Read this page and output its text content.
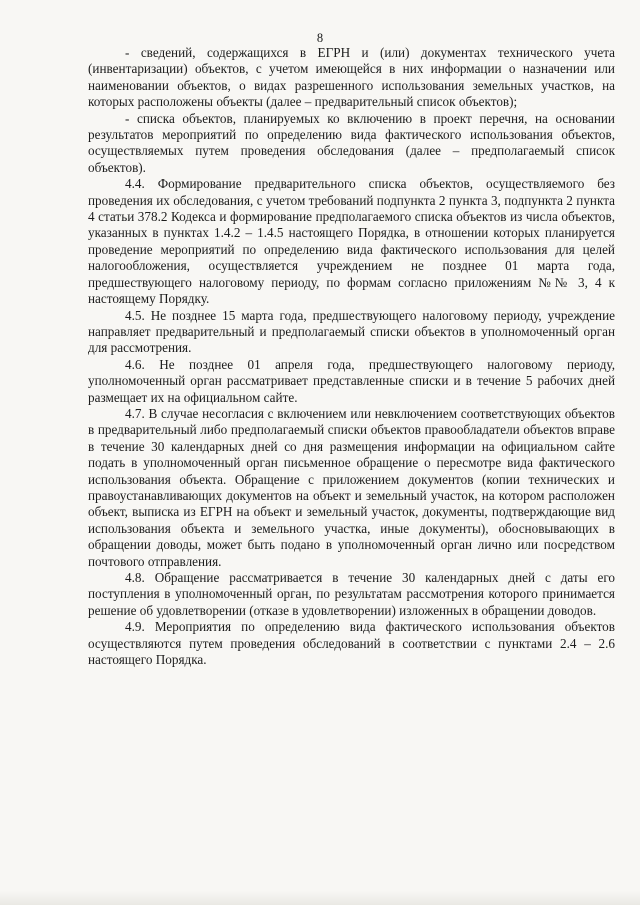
8

- сведений, содержащихся в ЕГРН и (или) документах технического учета (инвентаризации) объектов, с учетом имеющейся в них информации о назначении или наименовании объектов, о видах разрешенного использования земельных участков, на которых расположены объекты (далее – предварительный список объектов);

- списка объектов, планируемых ко включению в проект перечня, на основании результатов мероприятий по определению вида фактического использования объектов, осуществляемых путем проведения обследования (далее – предполагаемый список объектов).

4.4. Формирование предварительного списка объектов, осуществляемого без проведения их обследования, с учетом требований подпункта 2 пункта 3, подпункта 2 пункта 4 статьи 378.2 Кодекса и формирование предполагаемого списка объектов из числа объектов, указанных в пунктах 1.4.2 – 1.4.5 настоящего Порядка, в отношении которых планируется проведение мероприятий по определению вида фактического использования для целей налогообложения, осуществляется учреждением не позднее 01 марта года, предшествующего налоговому периоду, по формам согласно приложениям №№ 3, 4 к настоящему Порядку.

4.5. Не позднее 15 марта года, предшествующего налоговому периоду, учреждение направляет предварительный и предполагаемый списки объектов в уполномоченный орган для рассмотрения.

4.6. Не позднее 01 апреля года, предшествующего налоговому периоду, уполномоченный орган рассматривает представленные списки и в течение 5 рабочих дней размещает их на официальном сайте.

4.7. В случае несогласия с включением или невключением соответствующих объектов в предварительный либо предполагаемый списки объектов правообладатели объектов вправе в течение 30 календарных дней со дня размещения информации на официальном сайте подать в уполномоченный орган письменное обращение о пересмотре вида фактического использования объекта. Обращение с приложением документов (копии технических и правоустанавливающих документов на объект и земельный участок, на котором расположен объект, выписка из ЕГРН на объект и земельный участок, документы, подтверждающие вид использования объекта и земельного участка, иные документы), обосновывающих в обращении доводы, может быть подано в уполномоченный орган лично или посредством почтового отправления.

4.8. Обращение рассматривается в течение 30 календарных дней с даты его поступления в уполномоченный орган, по результатам рассмотрения которого принимается решение об удовлетворении (отказе в удовлетворении) изложенных в обращении доводов.

4.9. Мероприятия по определению вида фактического использования объектов осуществляются путем проведения обследований в соответствии с пунктами 2.4 – 2.6 настоящего Порядка.
